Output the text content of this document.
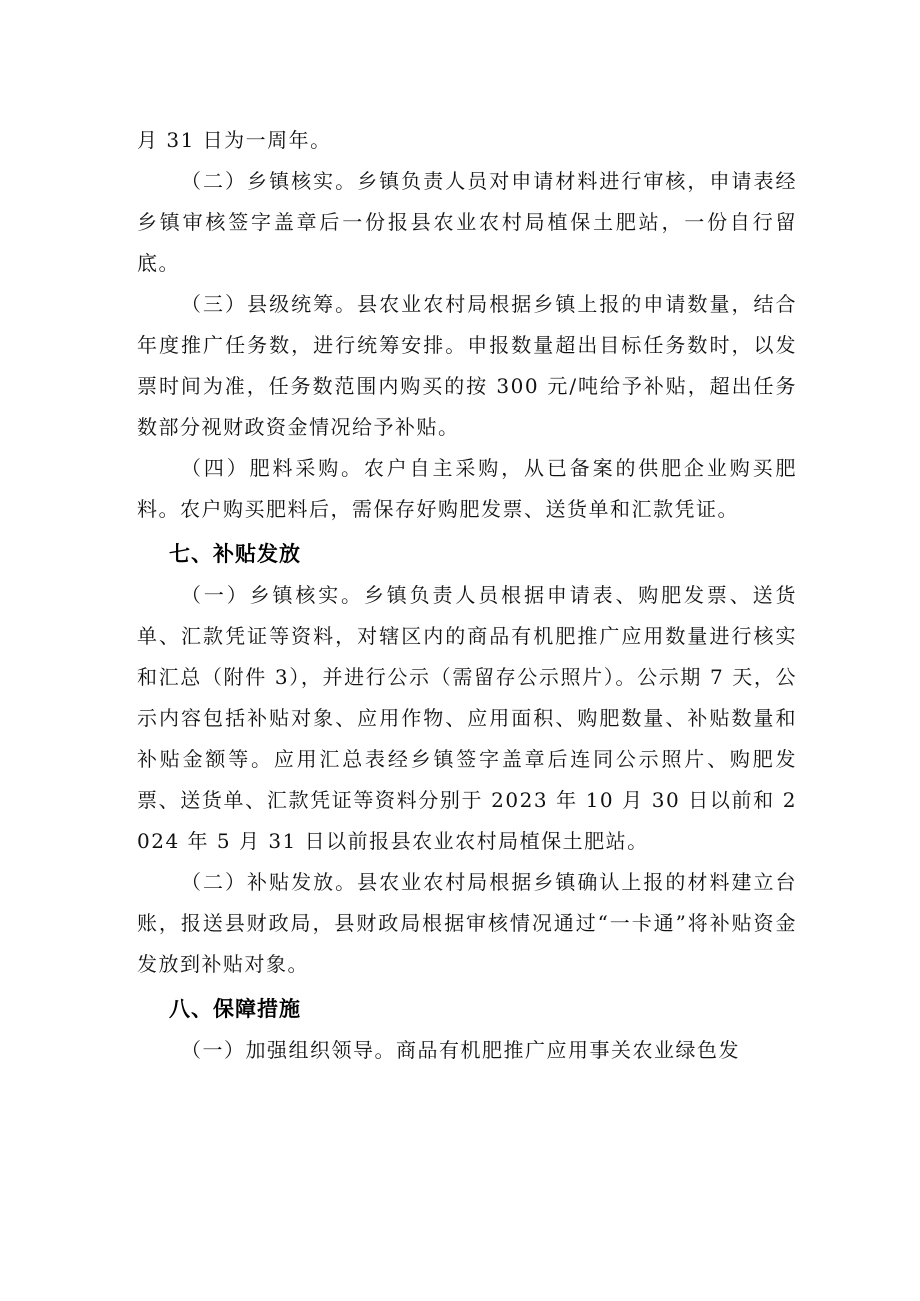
月 31 日为一周年。

（二）乡镇核实。乡镇负责人员对申请材料进行审核，申请表经乡镇审核签字盖章后一份报县农业农村局植保土肥站，一份自行留底。

（三）县级统筹。县农业农村局根据乡镇上报的申请数量，结合年度推广任务数，进行统筹安排。申报数量超出目标任务数时，以发票时间为准，任务数范围内购买的按 300 元/吨给予补贴，超出任务数部分视财政资金情况给予补贴。

（四）肥料采购。农户自主采购，从已备案的供肥企业购买肥料。农户购买肥料后，需保存好购肥发票、送货单和汇款凭证。

七、补贴发放

（一）乡镇核实。乡镇负责人员根据申请表、购肥发票、送货单、汇款凭证等资料，对辖区内的商品有机肥推广应用数量进行核实和汇总（附件 3），并进行公示（需留存公示照片）。公示期 7 天，公示内容包括补贴对象、应用作物、应用面积、购肥数量、补贴数量和补贴金额等。应用汇总表经乡镇签字盖章后连同公示照片、购肥发票、送货单、汇款凭证等资料分别于 2023 年 10 月 30 日以前和 2024 年 5 月 31 日以前报县农业农村局植保土肥站。

（二）补贴发放。县农业农村局根据乡镇确认上报的材料建立台账，报送县财政局，县财政局根据审核情况通过“一卡通”将补贴资金发放到补贴对象。

八、保障措施

（一）加强组织领导。商品有机肥推广应用事关农业绿色发
